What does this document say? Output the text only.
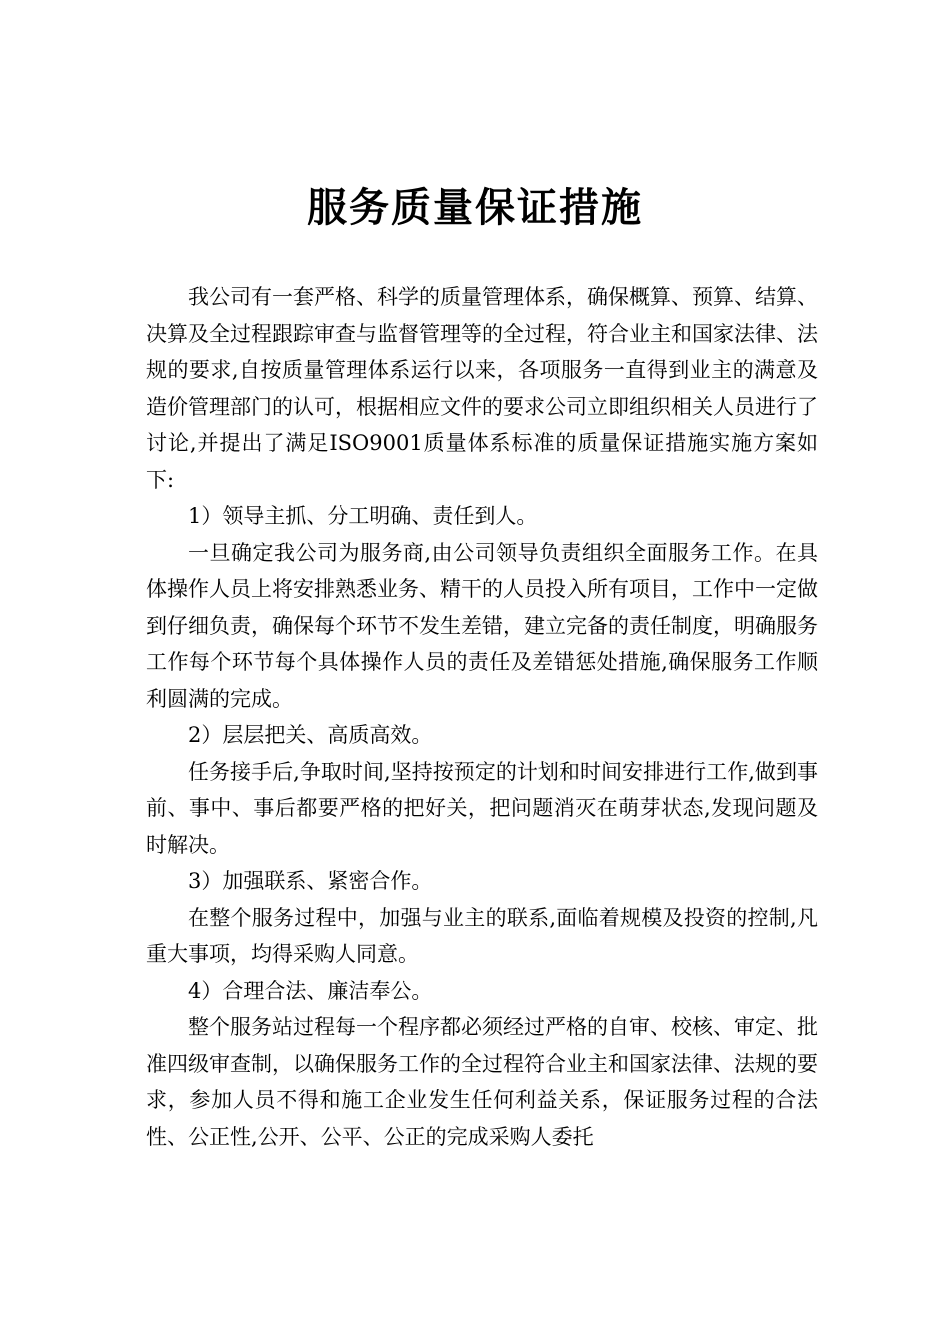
服务质量保证措施

我公司有一套严格、科学的质量管理体系，确保概算、预算、结算、决算及全过程跟踪审查与监督管理等的全过程，符合业主和国家法律、法规的要求,自按质量管理体系运行以来，各项服务一直得到业主的满意及造价管理部门的认可，根据相应文件的要求公司立即组织相关人员进行了讨论,并提出了满足ISO9001质量体系标准的质量保证措施实施方案如下:

1）领导主抓、分工明确、责任到人。

一旦确定我公司为服务商,由公司领导负责组织全面服务工作。在具体操作人员上将安排熟悉业务、精干的人员投入所有项目，工作中一定做到仔细负责，确保每个环节不发生差错，建立完备的责任制度，明确服务工作每个环节每个具体操作人员的责任及差错惩处措施,确保服务工作顺利圆满的完成。

2）层层把关、高质高效。

任务接手后,争取时间,坚持按预定的计划和时间安排进行工作,做到事前、事中、事后都要严格的把好关，把问题消灭在萌芽状态,发现问题及时解决。

3）加强联系、紧密合作。

在整个服务过程中，加强与业主的联系,面临着规模及投资的控制,凡重大事项，均得采购人同意。

4）合理合法、廉洁奉公。

整个服务站过程每一个程序都必须经过严格的自审、校核、审定、批准四级审查制，以确保服务工作的全过程符合业主和国家法律、法规的要求，参加人员不得和施工企业发生任何利益关系，保证服务过程的合法性、公正性,公开、公平、公正的完成采购人委托
